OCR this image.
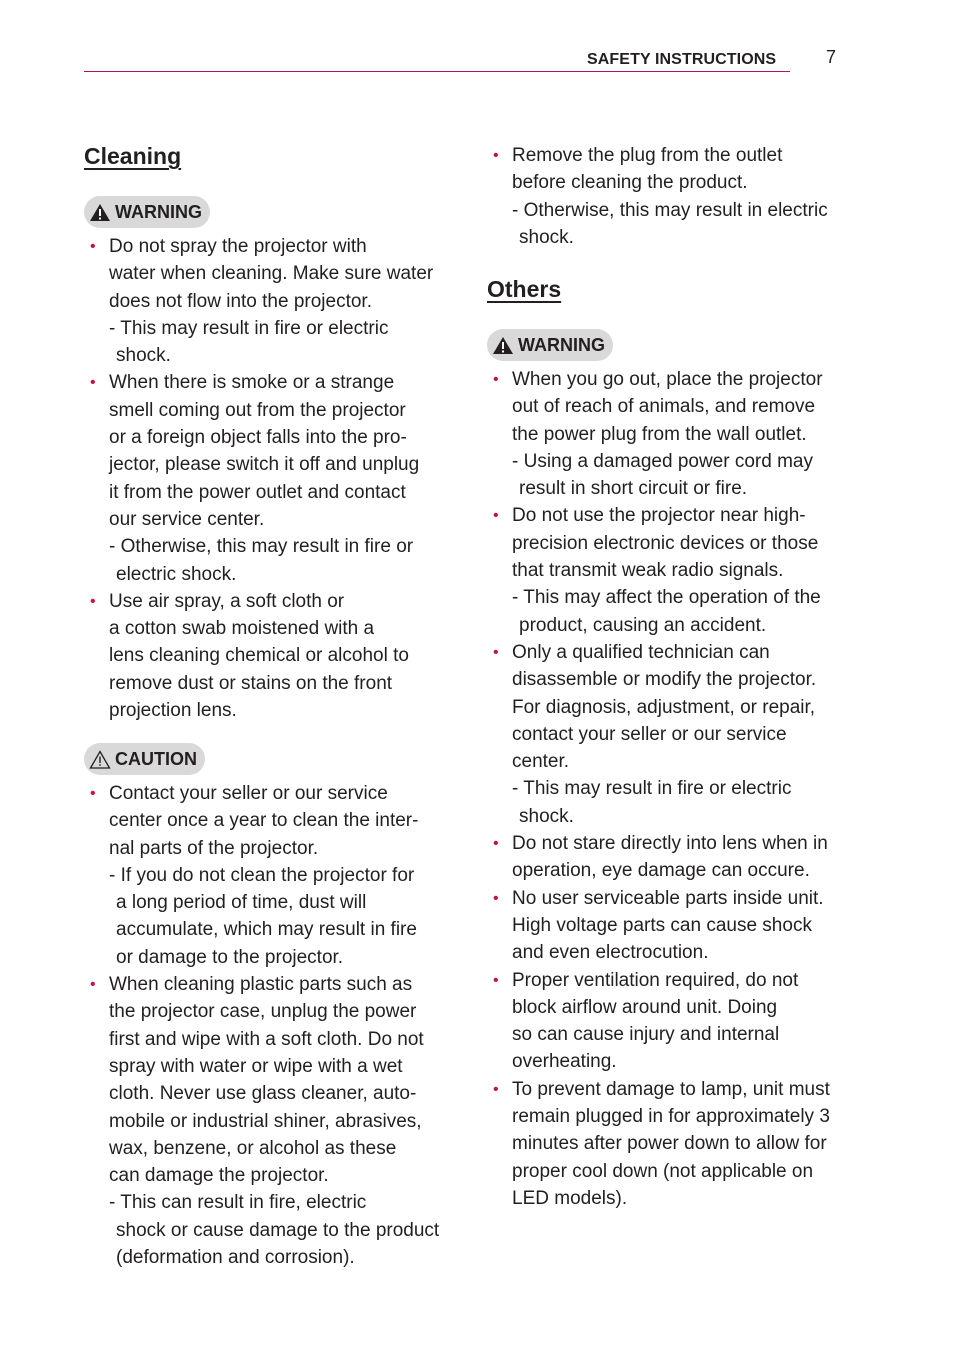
SAFETY INSTRUCTIONS	7
Cleaning
WARNING
• Do not spray the projector with
water when cleaning. Make sure water
does not flow into the projector.
- This may result in fire or electric
shock.
• When there is smoke or a strange
smell coming out from the projector
or a foreign object falls into the pro-
jector, please switch it off and unplug
it from the power outlet and contact
our service center.
- Otherwise, this may result in fire or
electric shock.
• Use air spray, a soft cloth or
a cotton swab moistened with a
lens cleaning chemical or alcohol to
remove dust or stains on the front
projection lens.
CAUTION
• Contact your seller or our service
center once a year to clean the inter-
nal parts of the projector.
- If you do not clean the projector for
a long period of time, dust will
accumulate, which may result in fire
or damage to the projector.
• When cleaning plastic parts such as
the projector case, unplug the power
first and wipe with a soft cloth. Do not
spray with water or wipe with a wet
cloth. Never use glass cleaner, auto-
mobile or industrial shiner, abrasives,
wax, benzene, or alcohol as these
can damage the projector.
- This can result in fire, electric
shock or cause damage to the product
(deformation and corrosion).
• Remove the plug from the outlet
before cleaning the product.
- Otherwise, this may result in electric
shock.
Others
WARNING
• When you go out, place the projector
out of reach of animals, and remove
the power plug from the wall outlet.
- Using a damaged power cord may
result in short circuit or fire.
• Do not use the projector near high-
precision electronic devices or those
that transmit weak radio signals.
- This may affect the operation of the
product, causing an accident.
• Only a qualified technician can
disassemble or modify the projector.
For diagnosis, adjustment, or repair,
contact your seller or our service
center.
- This may result in fire or electric
shock.
• Do not stare directly into lens when in
operation, eye damage can occure.
• No user serviceable parts inside unit.
High voltage parts can cause shock
and even electrocution.
• Proper ventilation required, do not
block airflow around unit. Doing
so can cause injury and internal
overheating.
• To prevent damage to lamp, unit must
remain plugged in for approximately 3
minutes after power down to allow for
proper cool down (not applicable on
LED models).
